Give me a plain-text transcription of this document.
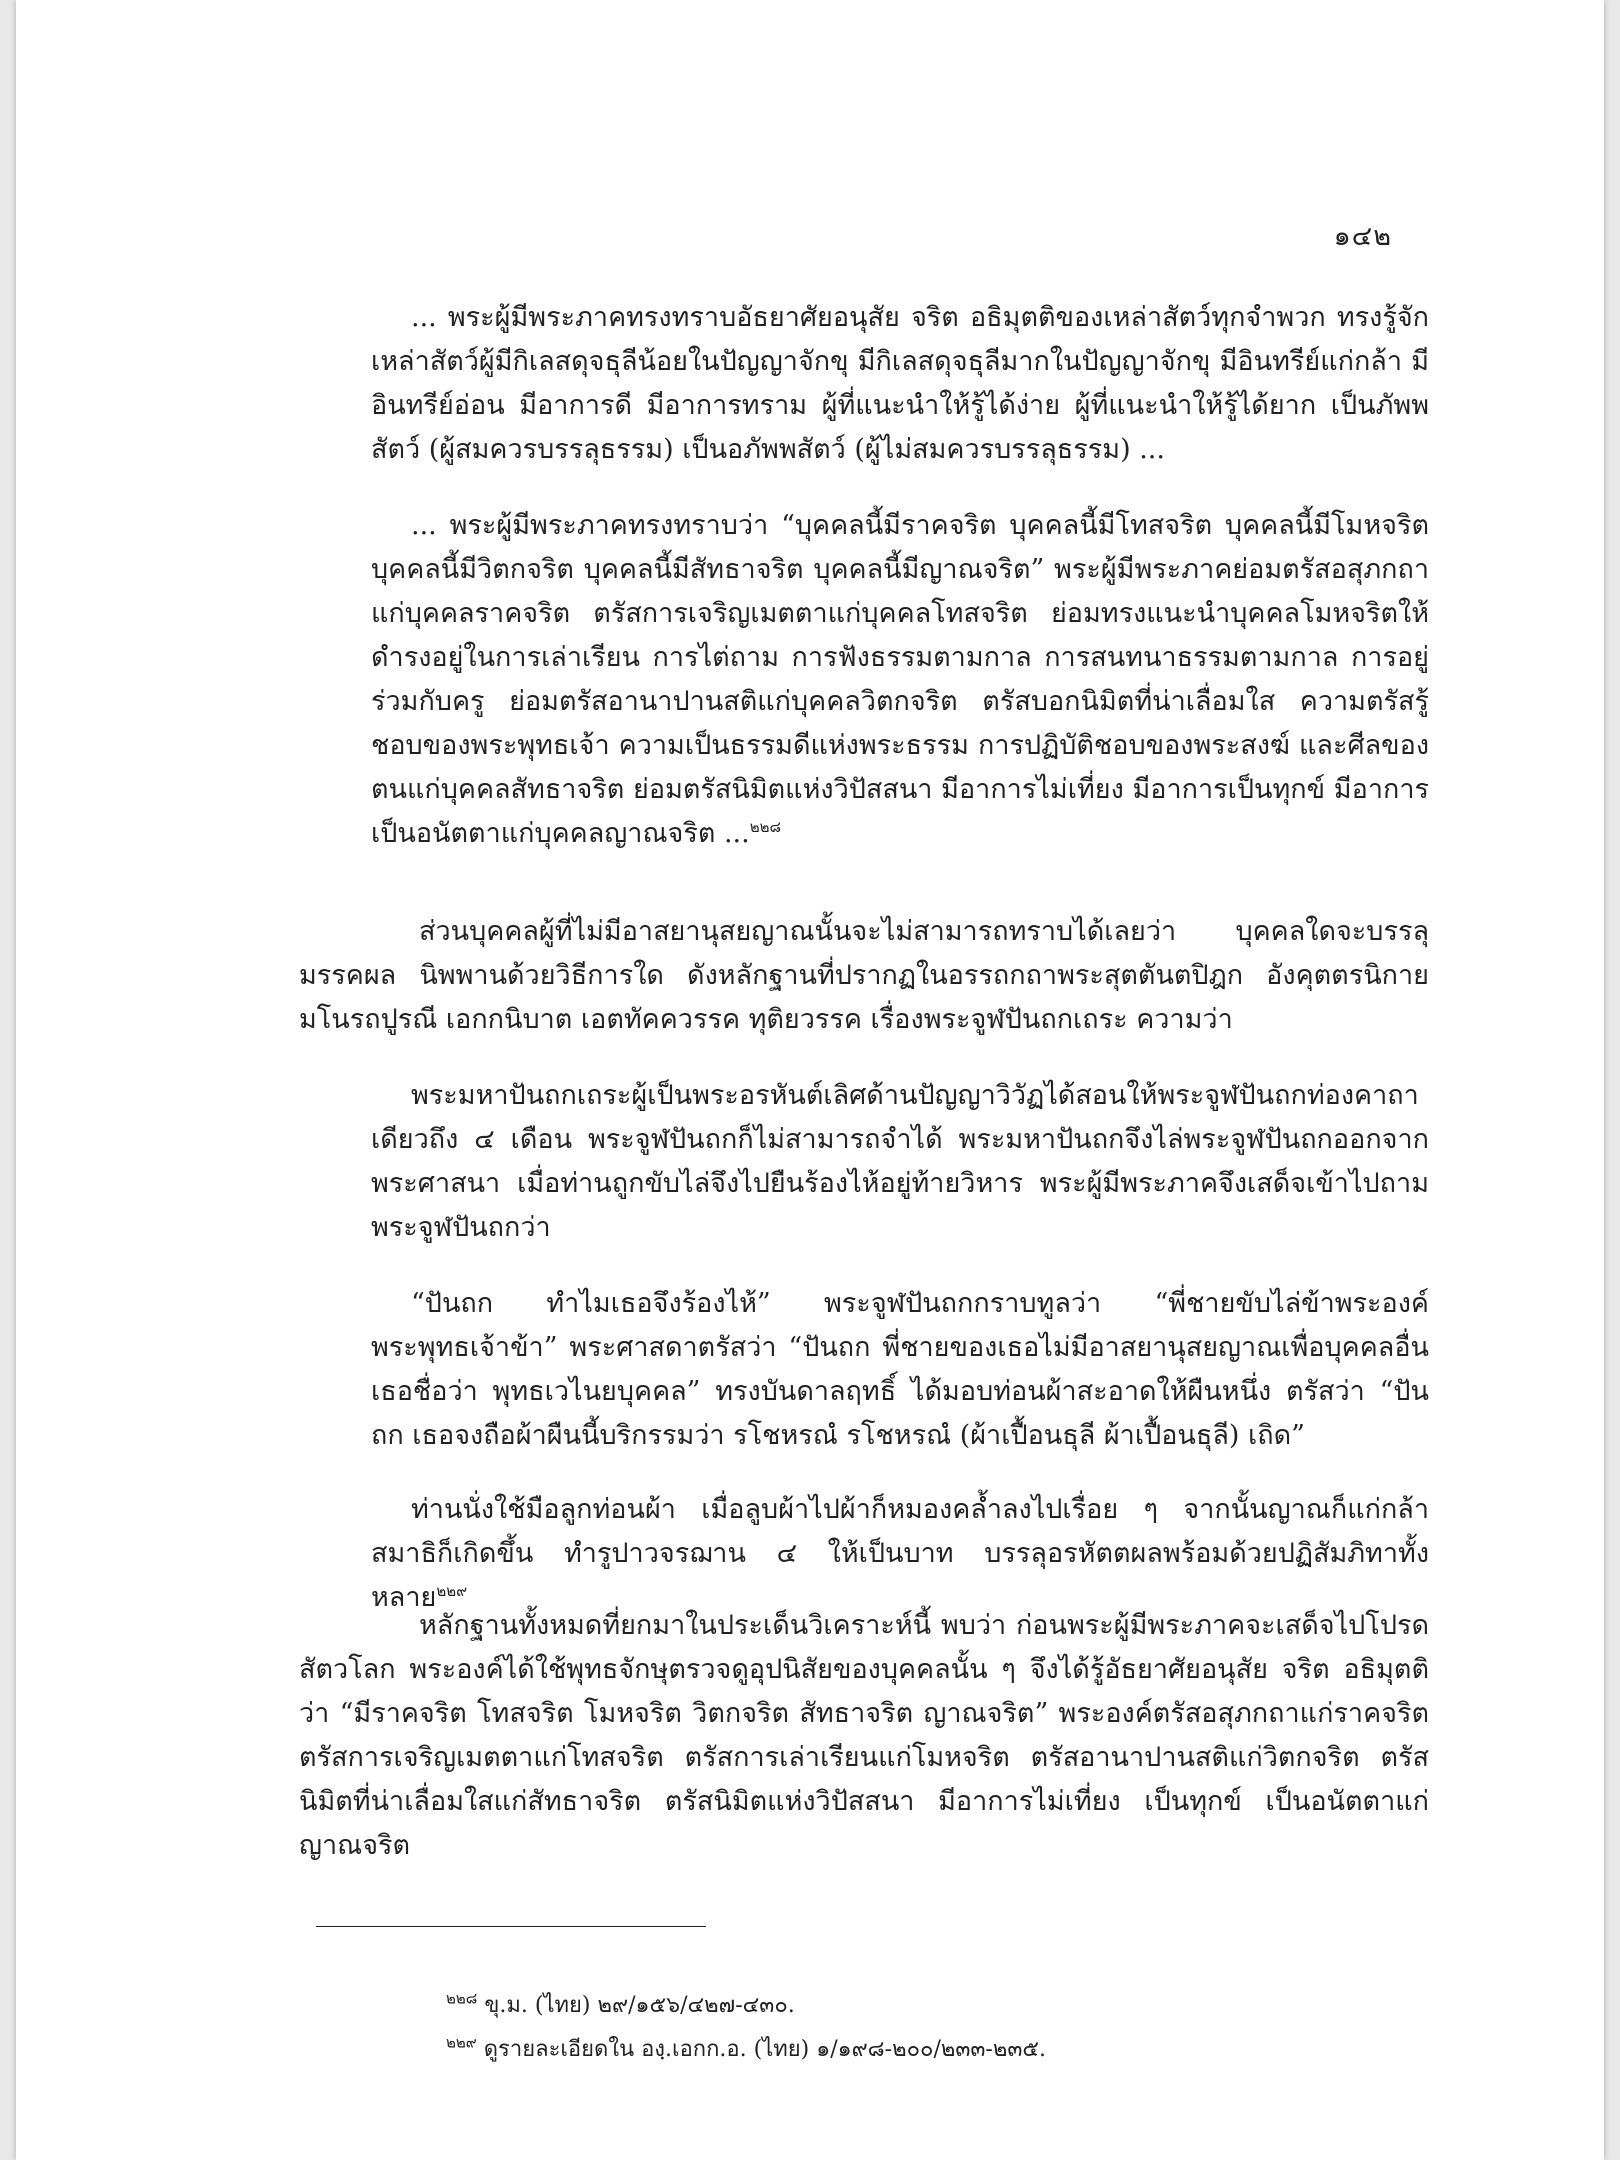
๑๔๒

... พระผู้มีพระภาคทรงทราบอัธยาศัยอนุสัย จริต อธิมุตติของเหล่าสัตว์ทุกจำพวก ทรงรู้จักเหล่าสัตว์ผู้มีกิเลสดุจธุลีน้อยในปัญญาจักขุ มีกิเลสดุจธุลีมากในปัญญาจักขุ มีอินทรีย์แก่กล้า มีอินทรีย์อ่อน มีอาการดี มีอาการทราม ผู้ที่แนะนำให้รู้ได้ง่าย ผู้ที่แนะนำให้รู้ได้ยาก เป็นภัพพสัตว์ (ผู้สมควรบรรลุธรรม) เป็นอภัพพสัตว์ (ผู้ไม่สมควรบรรลุธรรม) ...

... พระผู้มีพระภาคทรงทราบว่า “บุคคลนี้มีราคจริต บุคคลนี้มีโทสจริต บุคคลนี้มีโมหจริต บุคคลนี้มีวิตกจริต บุคคลนี้มีสัทธาจริต บุคคลนี้มีญาณจริต” พระผู้มีพระภาคย่อมตรัสอสุภกถาแก่บุคคลราคจริต ตรัสการเจริญเมตตาแก่บุคคลโทสจริต ย่อมทรงแนะนำบุคคลโมหจริตให้ดำรงอยู่ในการเล่าเรียน การไต่ถาม การฟังธรรมตามกาล การสนทนาธรรมตามกาล การอยู่ร่วมกับครู ย่อมตรัสอานาปานสติแก่บุคคลวิตกจริต ตรัสบอกนิมิตที่น่าเลื่อมใส ความตรัสรู้ชอบของพระพุทธเจ้า ความเป็นธรรมดีแห่งพระธรรม การปฏิบัติชอบของพระสงฆ์ และศีลของตนแก่บุคคลสัทธาจริต ย่อมตรัสนิมิตแห่งวิปัสสนา มีอาการไม่เที่ยง มีอาการเป็นทุกข์ มีอาการเป็นอนัตตาแก่บุคคลญาณจริต ...$^{๒๒๘}$

ส่วนบุคคลผู้ที่ไม่มีอาสยานุสยญาณนั้นจะไม่สามารถทราบได้เลยว่า บุคคลใดจะบรรลุมรรคผล นิพพานด้วยวิธีการใด ดังหลักฐานที่ปรากฏในอรรถกถาพระสุตตันตปิฎก อังคุตตรนิกาย มโนรถปูรณี เอกกนิบาต เอตทัคควรรค ทุติยวรรค เรื่องพระจูฬปันถกเถระ ความว่า

พระมหาปันถกเถระผู้เป็นพระอรหันต์เลิศด้านปัญญาวิวัฏได้สอนให้พระจูฬปันถกท่องคาถาเดียวถึง ๔ เดือน พระจูฬปันถกก็ไม่สามารถจำได้ พระมหาปันถกจึงไล่พระจูฬปันถกออกจากพระศาสนา เมื่อท่านถูกขับไล่จึงไปยืนร้องไห้อยู่ท้ายวิหาร พระผู้มีพระภาคจึงเสด็จเข้าไปถามพระจูฬปันถกว่า

“ปันถก ทำไมเธอจึงร้องไห้” พระจูฬปันถกกราบทูลว่า “พี่ชายขับไล่ข้าพระองค์ พระพุทธเจ้าข้า” พระศาสดาตรัสว่า “ปันถก พี่ชายของเธอไม่มีอาสยานุสยญาณเพื่อบุคคลอื่น เธอชื่อว่า พุทธเวไนยบุคคล” ทรงบันดาลฤทธิ์ ได้มอบท่อนผ้าสะอาดให้ผืนหนึ่ง ตรัสว่า “ปันถก เธอจงถือผ้าผืนนี้บริกรรมว่า รโชหรณํ รโชหรณํ (ผ้าเปื้อนธุลี ผ้าเปื้อนธุลี) เถิด”

ท่านนั่งใช้มือลูกท่อนผ้า เมื่อลูบผ้าไปผ้าก็หมองคล้ำลงไปเรื่อย ๆ จากนั้นญาณก็แก่กล้า สมาธิก็เกิดขึ้น ทำรูปาวจรฌาน ๔ ให้เป็นบาท บรรลุอรหัตตผลพร้อมด้วยปฏิสัมภิทาทั้งหลาย$^{๒๒๙}$

หลักฐานทั้งหมดที่ยกมาในประเด็นวิเคราะห์นี้ พบว่า ก่อนพระผู้มีพระภาคจะเสด็จไปโปรดสัตวโลก พระองค์ได้ใช้พุทธจักษุตรวจดูอุปนิสัยของบุคคลนั้น ๆ จึงได้รู้อัธยาศัยอนุสัย จริต อธิมุตติว่า “มีราคจริต โทสจริต โมหจริต วิตกจริต สัทธาจริต ญาณจริต” พระองค์ตรัสอสุภกถาแก่ราคจริต ตรัสการเจริญเมตตาแก่โทสจริต ตรัสการเล่าเรียนแก่โมหจริต ตรัสอานาปานสติแก่วิตกจริต ตรัสนิมิตที่น่าเลื่อมใสแก่สัทธาจริต ตรัสนิมิตแห่งวิปัสสนา มีอาการไม่เที่ยง เป็นทุกข์ เป็นอนัตตาแก่ญาณจริต

$^{๒๒๘}$ ขุ.ม. (ไทย) ๒๙/๑๕๖/๔๒๗-๔๓๐.

$^{๒๒๙}$ ดูรายละเอียดใน องฺ.เอกก.อ. (ไทย) ๑/๑๙๘-๒๐๐/๒๓๓-๒๓๕.
